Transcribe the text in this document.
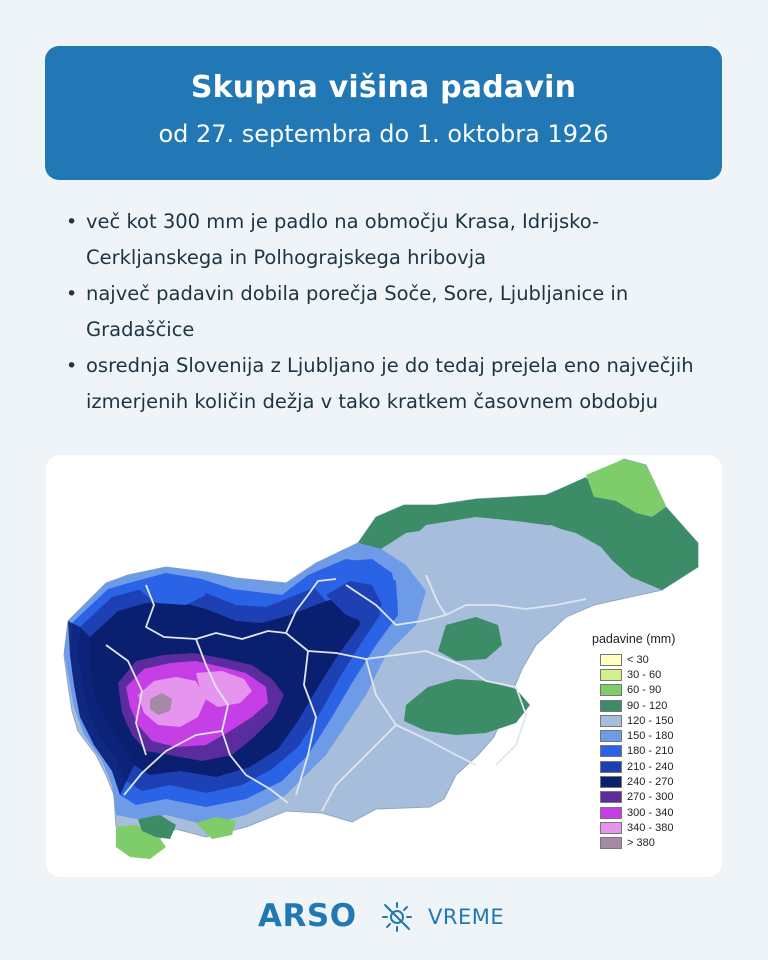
Skupna višina padavin
od 27. septembra do 1. oktobra 1926
• več kot 300 mm je padlo na območju Krasa, Idrijsko-Cerkljanskega in Polhograjskega hribovja
• največ padavin dobila porečja Soče, Sore, Ljubljanice in Gradaščice
• osrednja Slovenija z Ljubljano je do tedaj prejela eno največjih izmerjenih količin dežja v tako kratkem časovnem obdobju
padavine (mm)
< 30
30 - 60
60 - 90
90 - 120
120 - 150
150 - 180
180 - 210
210 - 240
240 - 270
270 - 300
300 - 340
340 - 380
> 380
ARSO	VREME
